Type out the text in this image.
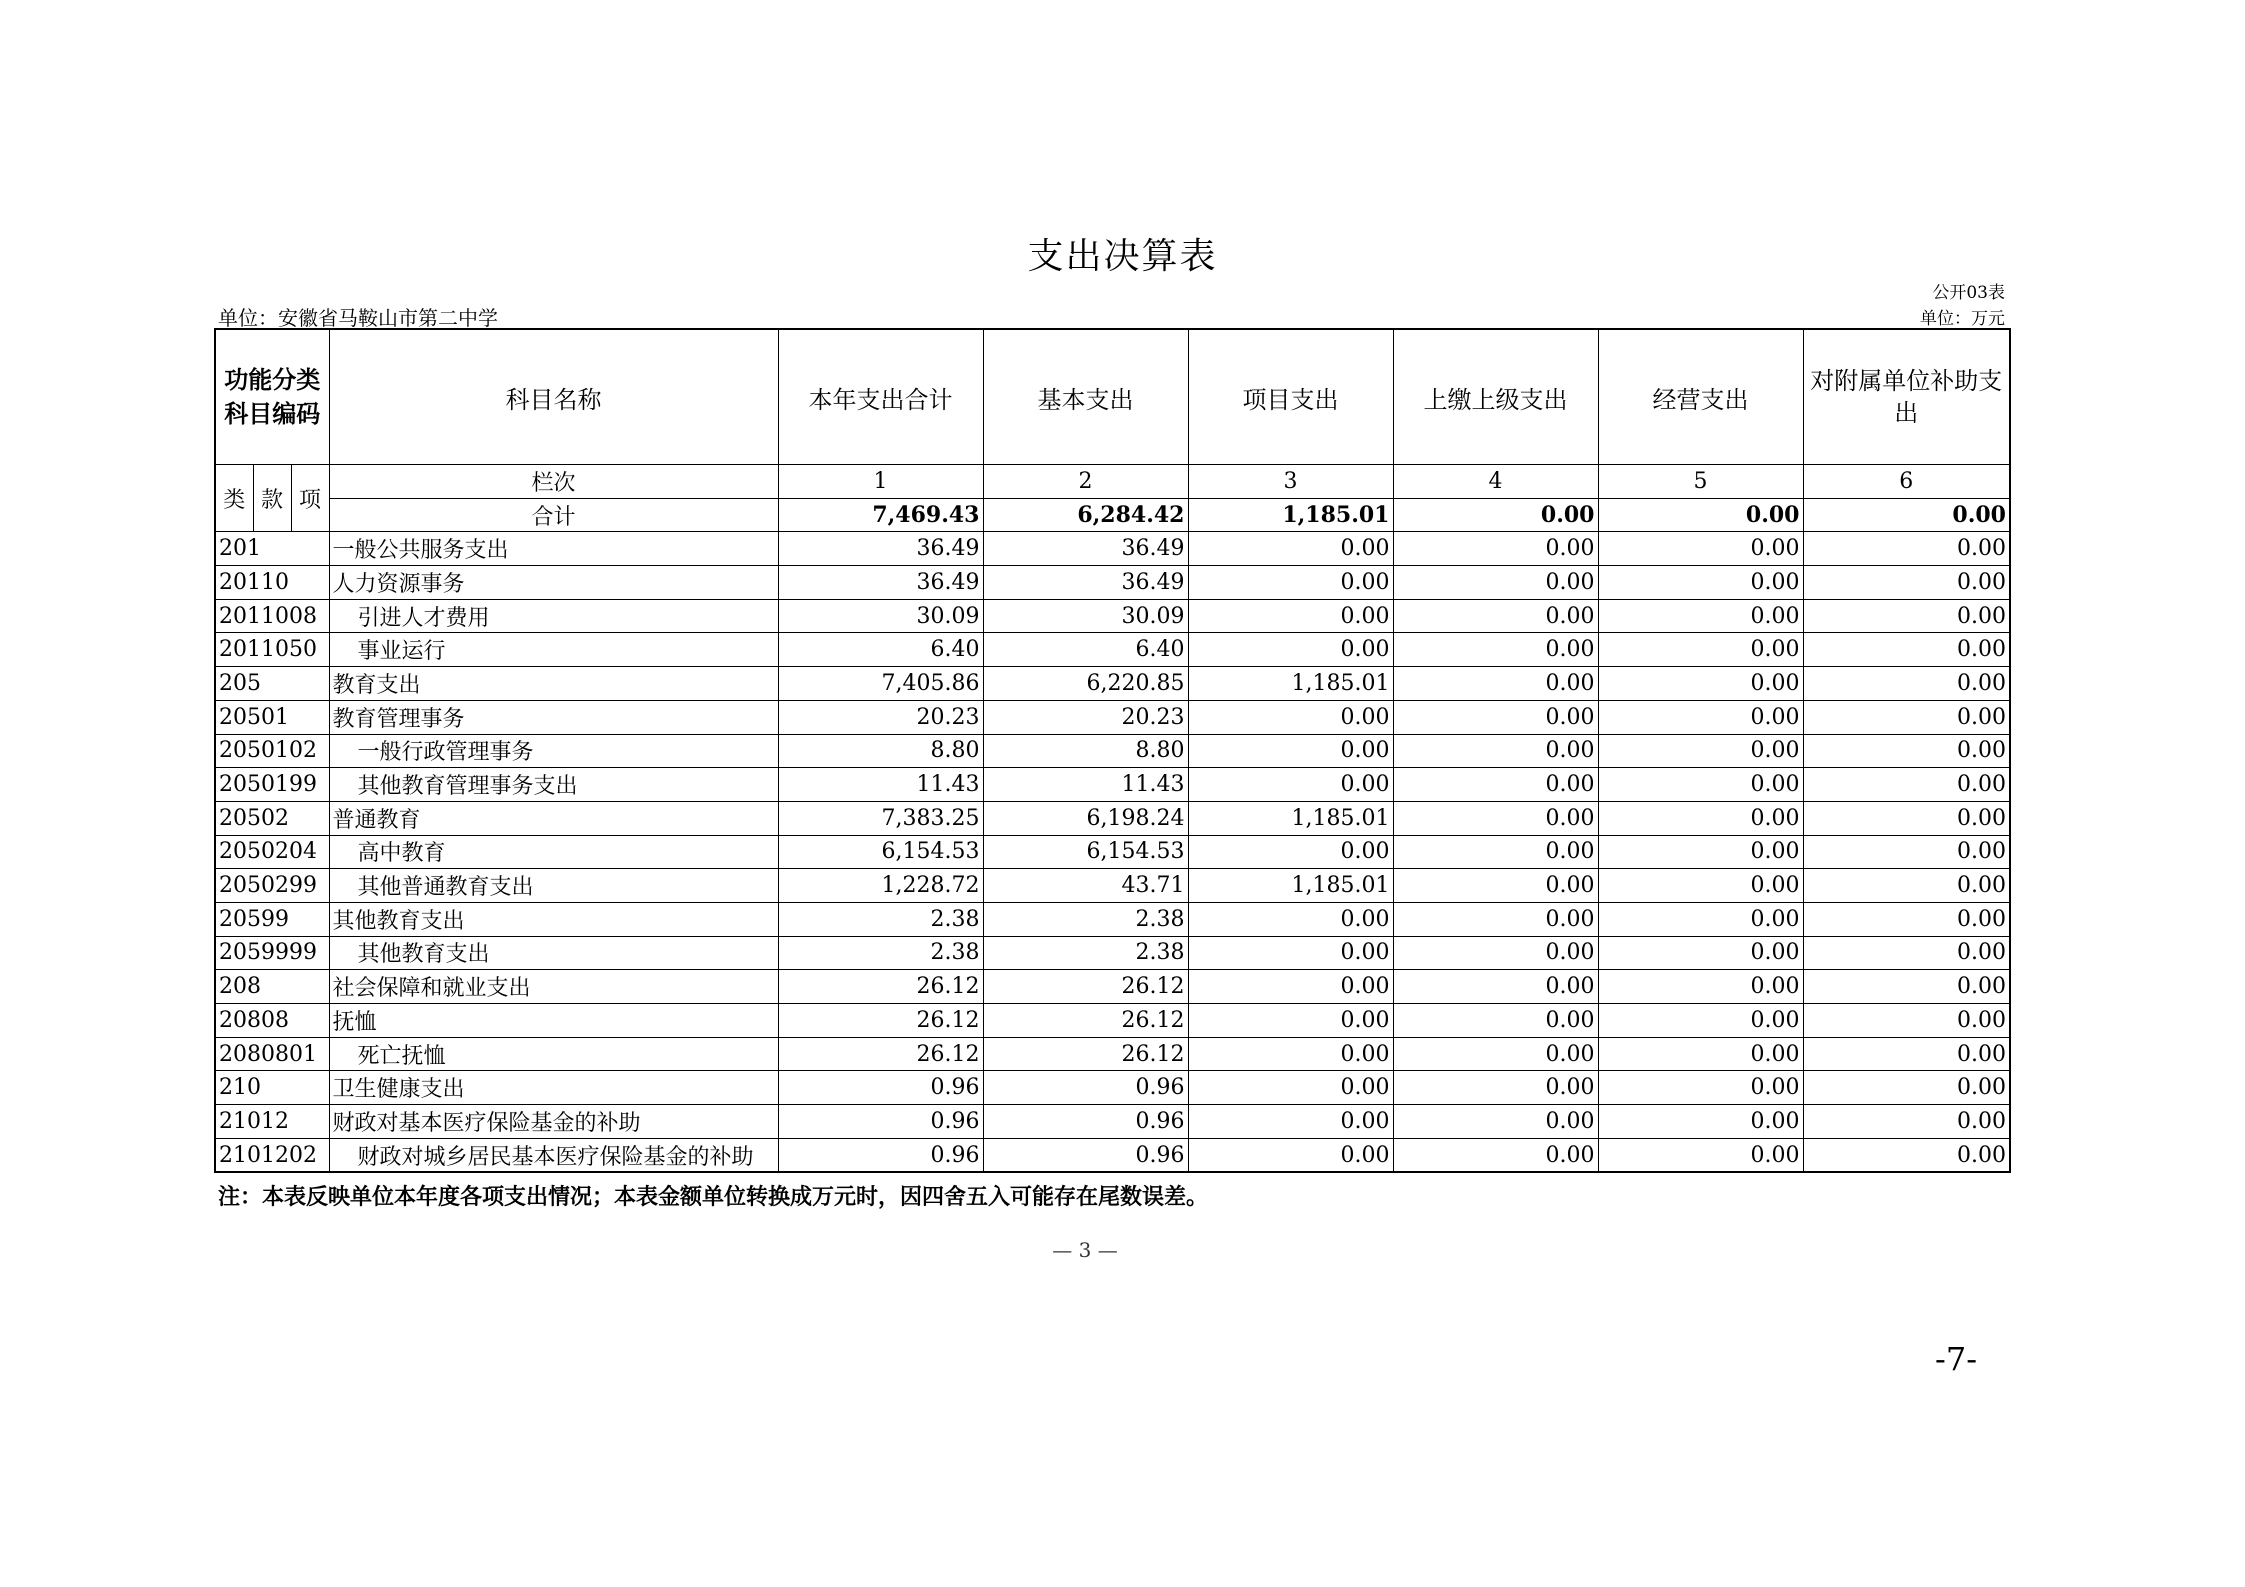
支出决算表
公开03表
单位：安徽省马鞍山市第二中学	单位：万元
功能分类科目编码			科目名称	本年支出合计	基本支出	项目支出	上缴上级支出	经营支出	对附属单位补助支出
类	款	项	栏次	1	2	3	4	5	6
			合计	7,469.43	6,284.42	1,185.01	0.00	0.00	0.00
201			一般公共服务支出	36.49	36.49	0.00	0.00	0.00	0.00
20110			人力资源事务	36.49	36.49	0.00	0.00	0.00	0.00
2011008			引进人才费用	30.09	30.09	0.00	0.00	0.00	0.00
2011050			事业运行	6.40	6.40	0.00	0.00	0.00	0.00
205			教育支出	7,405.86	6,220.85	1,185.01	0.00	0.00	0.00
20501			教育管理事务	20.23	20.23	0.00	0.00	0.00	0.00
2050102			一般行政管理事务	8.80	8.80	0.00	0.00	0.00	0.00
2050199			其他教育管理事务支出	11.43	11.43	0.00	0.00	0.00	0.00
20502			普通教育	7,383.25	6,198.24	1,185.01	0.00	0.00	0.00
2050204			高中教育	6,154.53	6,154.53	0.00	0.00	0.00	0.00
2050299			其他普通教育支出	1,228.72	43.71	1,185.01	0.00	0.00	0.00
20599			其他教育支出	2.38	2.38	0.00	0.00	0.00	0.00
2059999			其他教育支出	2.38	2.38	0.00	0.00	0.00	0.00
208			社会保障和就业支出	26.12	26.12	0.00	0.00	0.00	0.00
20808			抚恤	26.12	26.12	0.00	0.00	0.00	0.00
2080801			死亡抚恤	26.12	26.12	0.00	0.00	0.00	0.00
210			卫生健康支出	0.96	0.96	0.00	0.00	0.00	0.00
21012			财政对基本医疗保险基金的补助	0.96	0.96	0.00	0.00	0.00	0.00
2101202			财政对城乡居民基本医疗保险基金的补助	0.96	0.96	0.00	0.00	0.00	0.00
注：本表反映单位本年度各项支出情况；本表金额单位转换成万元时，因四舍五入可能存在尾数误差。
— 3 —
-7-
